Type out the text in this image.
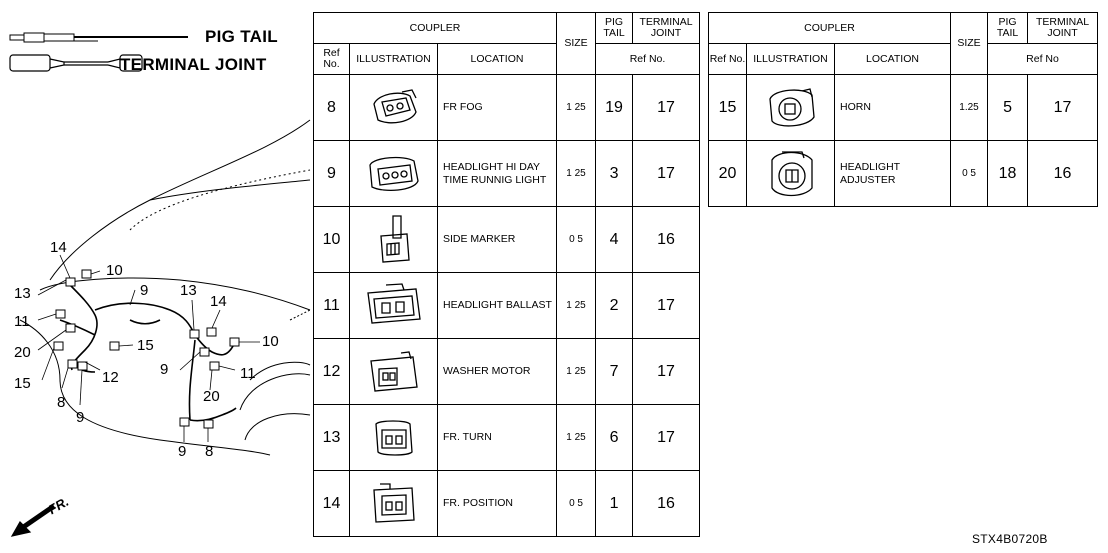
PIG TAIL
TERMINAL JOINT
14
10
13	9
11
20
15	12
8
9
15
13
14
10
9	11
20
9 8
FR.
COUPLER			SIZE	PIG TAIL	TERMINAL JOINT
Ref No.	ILLUSTRATION	LOCATION		Ref No.	
8		FR FOG	1 25	19	17
9		HEADLIGHT HI DAY TIME RUNNIG LIGHT	1 25	3	17
10		SIDE MARKER	0 5	4	16
11		HEADLIGHT BALLAST	1 25	2	17
12		WASHER MOTOR	1 25	7	17
13		FR. TURN	1 25	6	17
14		FR. POSITION	0 5	1	16
COUPLER			SIZE	PIG TAIL	TERMINAL JOINT
Ref No.	ILLUSTRATION	LOCATION		Ref No	
15		HORN	1.25	5	17
20		HEADLIGHT ADJUSTER	0 5	18	16
STX4B0720B
